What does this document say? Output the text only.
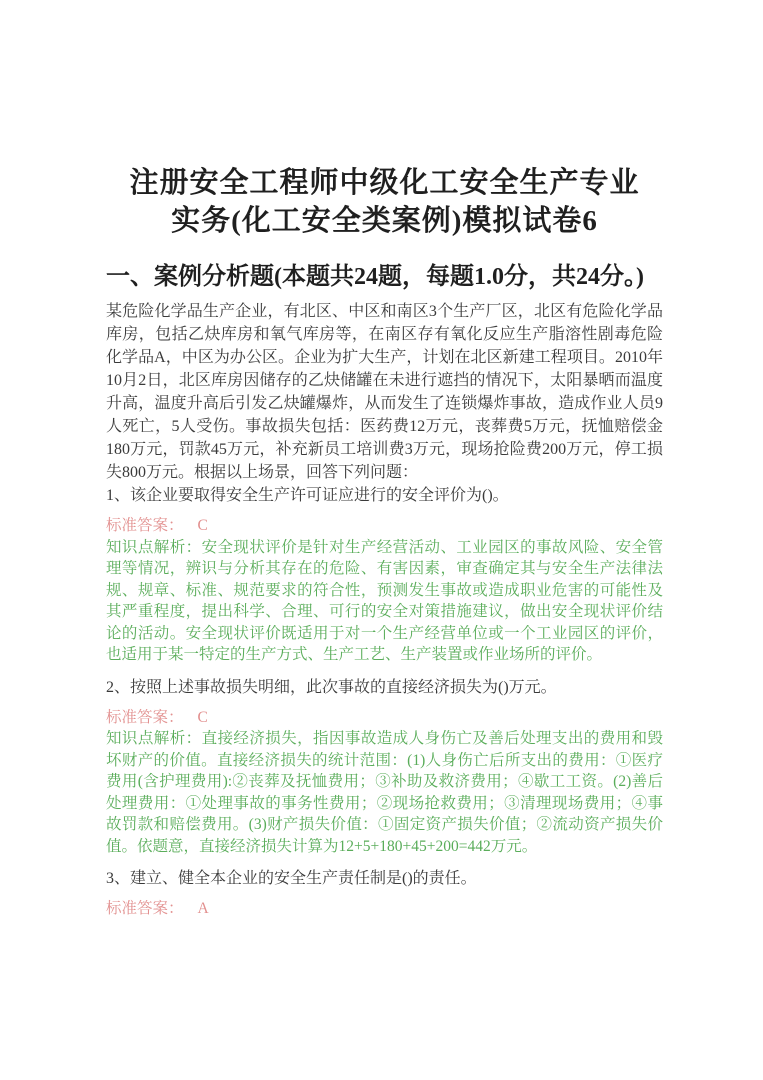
注册安全工程师中级化工安全生产专业
实务(化工安全类案例)模拟试卷6
一、案例分析题(本题共24题，每题1.0分，共24分。)

某危险化学品生产企业，有北区、中区和南区3个生产厂区，北区有危险化学品库房，包括乙炔库房和氧气库房等，在南区存有氧化反应生产脂溶性剧毒危险化学品A，中区为办公区。企业为扩大生产，计划在北区新建工程项目。2010年10月2日，北区库房因储存的乙炔储罐在未进行遮挡的情况下，太阳暴晒而温度升高，温度升高后引发乙炔罐爆炸，从而发生了连锁爆炸事故，造成作业人员9人死亡，5人受伤。事故损失包括：医药费12万元，丧葬费5万元，抚恤赔偿金180万元，罚款45万元，补充新员工培训费3万元，现场抢险费200万元，停工损失800万元。根据以上场景，回答下列问题：

1、该企业要取得安全生产许可证应进行的安全评价为()。

标准答案： C

知识点解析：安全现状评价是针对生产经营活动、工业园区的事故风险、安全管理等情况，辨识与分析其存在的危险、有害因素，审查确定其与安全生产法律法规、规章、标准、规范要求的符合性，预测发生事故或造成职业危害的可能性及其严重程度，提出科学、合理、可行的安全对策措施建议，做出安全现状评价结论的活动。安全现状评价既适用于对一个生产经营单位或一个工业园区的评价，也适用于某一特定的生产方式、生产工艺、生产装置或作业场所的评价。

2、按照上述事故损失明细，此次事故的直接经济损失为()万元。

标准答案： C

知识点解析：直接经济损失，指因事故造成人身伤亡及善后处理支出的费用和毁坏财产的价值。直接经济损失的统计范围：(1)人身伤亡后所支出的费用：①医疗费用(含护理费用):②丧葬及抚恤费用；③补助及救济费用；④歇工工资。(2)善后处理费用：①处理事故的事务性费用；②现场抢救费用；③清理现场费用；④事故罚款和赔偿费用。(3)财产损失价值：①固定资产损失价值；②流动资产损失价值。依题意，直接经济损失计算为12+5+180+45+200=442万元。

3、建立、健全本企业的安全生产责任制是()的责任。

标准答案： A
